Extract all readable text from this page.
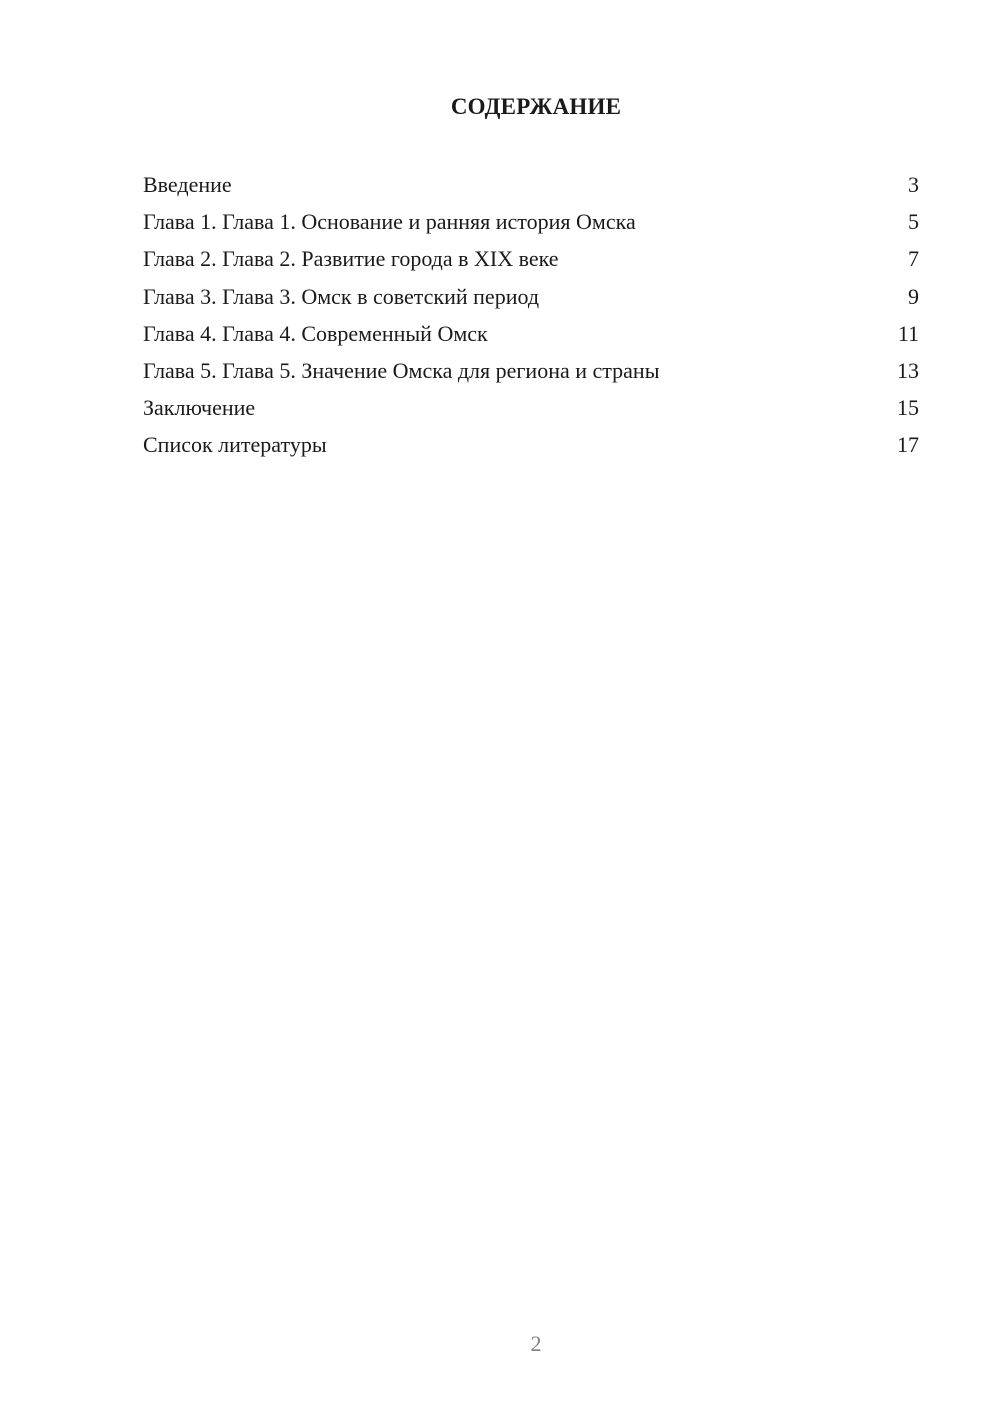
СОДЕРЖАНИЕ
Введение	3
Глава 1. Глава 1. Основание и ранняя история Омска	5
Глава 2. Глава 2. Развитие города в XIX веке	7
Глава 3. Глава 3. Омск в советский период	9
Глава 4. Глава 4. Современный Омск	11
Глава 5. Глава 5. Значение Омска для региона и страны	13
Заключение	15
Список литературы	17
2
